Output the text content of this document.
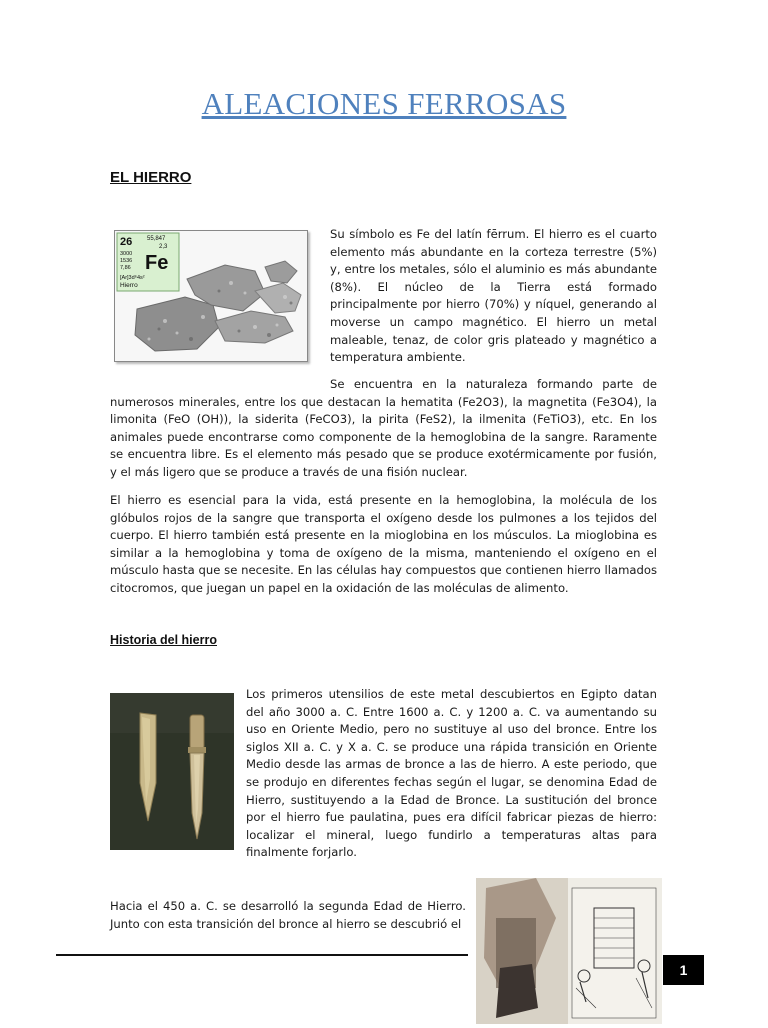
ALEACIONES FERROSAS
EL HIERRO
26 55,847
2,3
3000
1536
7,86 Fe
[Ar]3d⁶4s²
Hierro

Su símbolo es Fe del latín fērrum. El hierro es el cuarto elemento más abundante en la corteza terrestre (5%) y, entre los metales, sólo el aluminio es más abundante (8%). El núcleo de la Tierra está formado principalmente por hierro (70%) y níquel, generando al moverse un campo magnético. El hierro un metal maleable, tenaz, de color gris plateado y magnético a temperatura ambiente.

Se encuentra en la naturaleza formando parte de numerosos minerales, entre los que destacan la hematita (Fe2O3), la magnetita (Fe3O4), la limonita (FeO (OH)), la siderita (FeCO3), la pirita (FeS2), la ilmenita (FeTiO3), etc. En los animales puede encontrarse como componente de la hemoglobina de la sangre. Raramente se encuentra libre. Es el elemento más pesado que se produce exotérmicamente por fusión, y el más ligero que se produce a través de una fisión nuclear.

El hierro es esencial para la vida, está presente en la hemoglobina, la molécula de los glóbulos rojos de la sangre que transporta el oxígeno desde los pulmones a los tejidos del cuerpo. El hierro también está presente en la mioglobina en los músculos. La mioglobina es similar a la hemoglobina y toma de oxígeno de la misma, manteniendo el oxígeno en el músculo hasta que se necesite. En las células hay compuestos que contienen hierro llamados citocromos, que juegan un papel en la oxidación de las moléculas de alimento.

Historia del hierro

Los primeros utensilios de este metal descubiertos en Egipto datan del año 3000 a. C. Entre 1600 a. C. y 1200 a. C. va aumentando su uso en Oriente Medio, pero no sustituye al uso del bronce. Entre los siglos XII a. C. y X a. C. se produce una rápida transición en Oriente Medio desde las armas de bronce a las de hierro. A este periodo, que se produjo en diferentes fechas según el lugar, se denomina Edad de Hierro, sustituyendo a la Edad de Bronce. La sustitución del bronce por el hierro fue paulatina, pues era difícil fabricar piezas de hierro: localizar el mineral, luego fundirlo a temperaturas altas para finalmente forjarlo.

Hacia el 450 a. C. se desarrolló la segunda Edad de Hierro. Junto con esta transición del bronce al hierro se descubrió el

1
